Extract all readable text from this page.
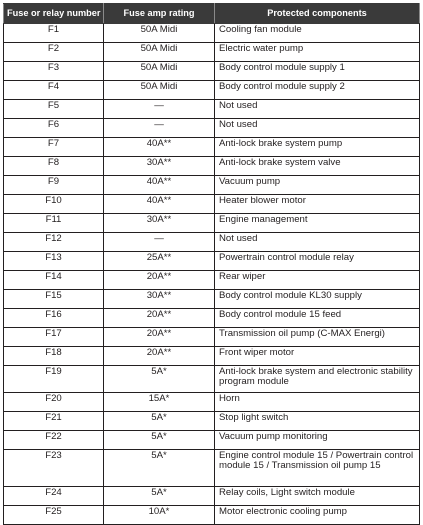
Fuse or relay number	Fuse amp rating	Protected components
F1	50A Midi	Cooling fan module
F2	50A Midi	Electric water pump
F3	50A Midi	Body control module supply 1
F4	50A Midi	Body control module supply 2
F5	—	Not used
F6	—	Not used
F7	40A**	Anti-lock brake system pump
F8	30A**	Anti-lock brake system valve
F9	40A**	Vacuum pump
F10	40A**	Heater blower motor
F11	30A**	Engine management
F12	—	Not used
F13	25A**	Powertrain control module relay
F14	20A**	Rear wiper
F15	30A**	Body control module KL30 supply
F16	20A**	Body control module 15 feed
F17	20A**	Transmission oil pump (C-MAX Energi)
F18	20A**	Front wiper motor
F19	5A*	Anti-lock brake system and electronic stability program module
F20	15A*	Horn
F21	5A*	Stop light switch
F22	5A*	Vacuum pump monitoring
F23	5A*	Engine control module 15 / Powertrain control module 15 / Transmission oil pump 15
F24	5A*	Relay coils, Light switch module
F25	10A*	Motor electronic cooling pump
